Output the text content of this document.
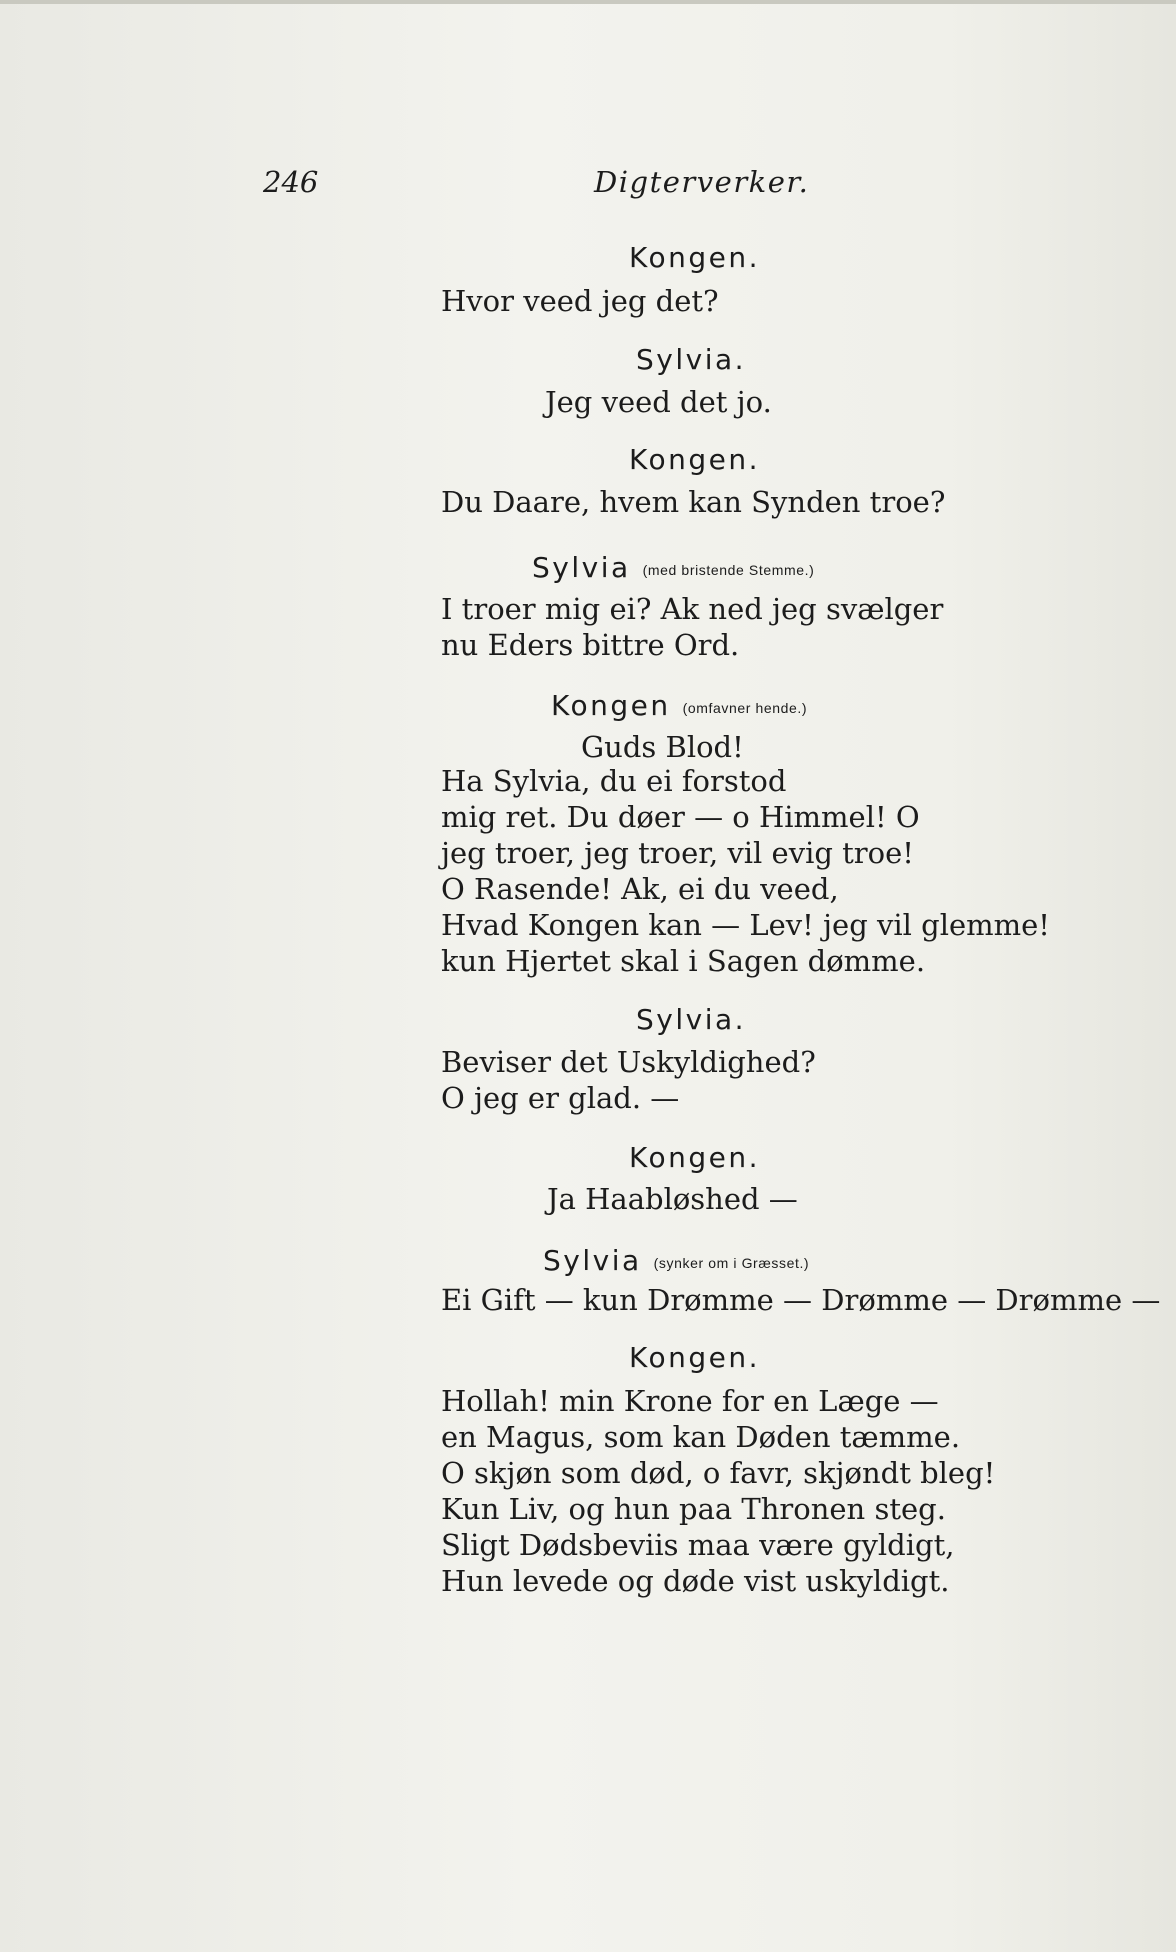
246	Digterverker.
Kongen.
Hvor veed jeg det?
Sylvia.
Jeg veed det jo.
Kongen.
Du Daare, hvem kan Synden troe?
Sylvia (med bristende Stemme.)
I troer mig ei? Ak ned jeg svælger
nu Eders bittre Ord.
Kongen (omfavner hende.)
Guds Blod!
Ha Sylvia, du ei forstod
mig ret. Du døer — o Himmel! O
jeg troer, jeg troer, vil evig troe!
O Rasende! Ak, ei du veed,
Hvad Kongen kan — Lev! jeg vil glemme!
kun Hjertet skal i Sagen dømme.
Sylvia.
Beviser det Uskyldighed?
O jeg er glad. —
Kongen.
Ja Haabløshed —
Sylvia (synker om i Græsset.)
Ei Gift — kun Drømme — Drømme — Drømme —
Kongen.
Hollah! min Krone for en Læge —
en Magus, som kan Døden tæmme.
O skjøn som død, o favr, skjøndt bleg!
Kun Liv, og hun paa Thronen steg.
Sligt Dødsbeviis maa være gyldigt,
Hun levede og døde vist uskyldigt.
